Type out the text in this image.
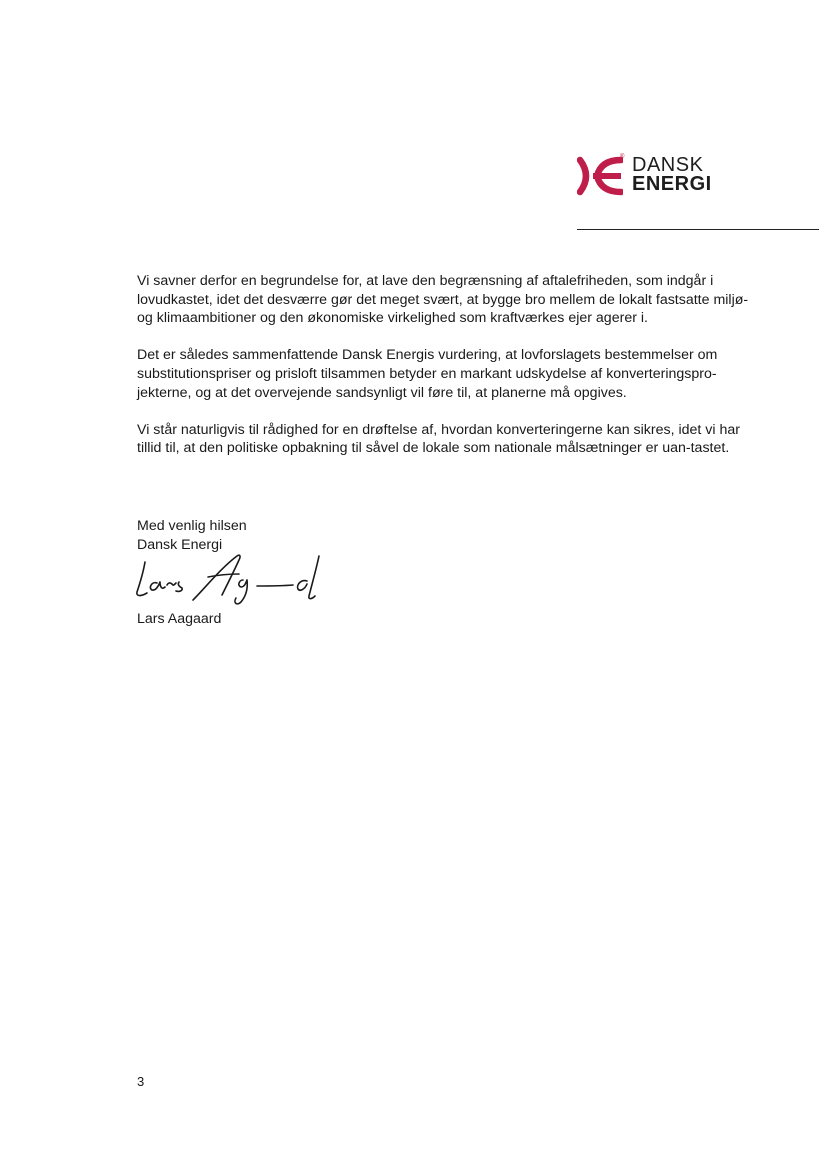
® DANSK
ENERGI

Vi savner derfor en begrundelse for, at lave den begrænsning af aftalefriheden, som indgår i lovudkastet, idet det desværre gør det meget svært, at bygge bro mellem de lokalt fastsatte miljø- og klimaambitioner og den økonomiske virkelighed som kraftværkes ejer agerer i.

Det er således sammenfattende Dansk Energis vurdering, at lovforslagets bestemmelser om substitutionspriser og prisloft tilsammen betyder en markant udskydelse af konverteringspro-jekterne, og at det overvejende sandsynligt vil føre til, at planerne må opgives.

Vi står naturligvis til rådighed for en drøftelse af, hvordan konverteringerne kan sikres, idet vi har tillid til, at den politiske opbakning til såvel de lokale som nationale målsætninger er uan-tastet.

Med venlig hilsen
Dansk Energi
Lars Aagaard
3
